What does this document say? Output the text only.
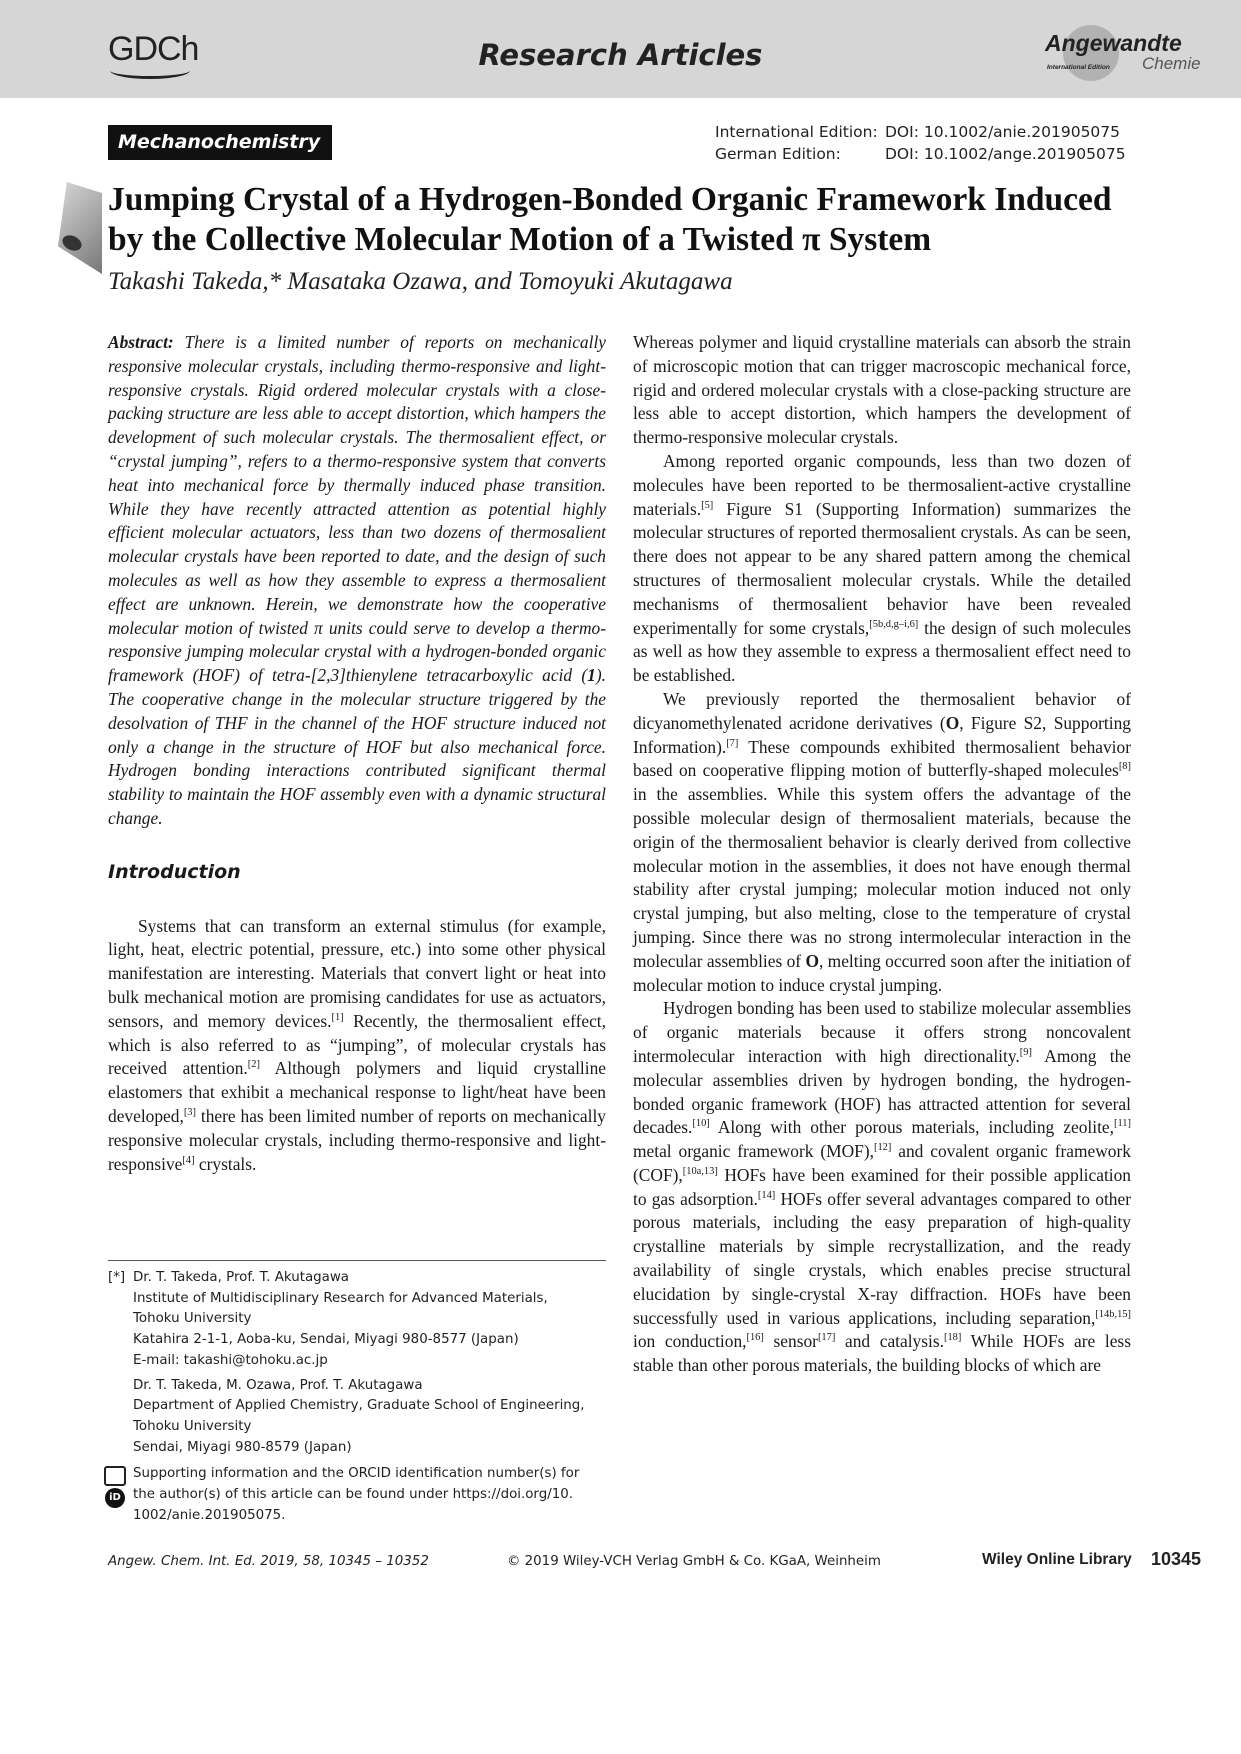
GDCh	Research Articles	Angewandte
International Edition Chemie
Mechanochemistry	International Edition: DOI: 10.1002/anie.201905075
German Edition:	DOI: 10.1002/ange.201905075
Jumping Crystal of a Hydrogen-Bonded Organic Framework Induced
by the Collective Molecular Motion of a Twisted π System
Takashi Takeda,* Masataka Ozawa, and Tomoyuki Akutagawa

Abstract: There is a limited number of reports on mechanically responsive molecular crystals, including thermo-responsive and light-responsive crystals. Rigid ordered molecular crystals with a close-packing structure are less able to accept distortion, which hampers the development of such molecular crystals. The thermosalient effect, or “crystal jumping”, refers to a thermo-responsive system that converts heat into mechanical force by thermally induced phase transition. While they have recently attracted attention as potential highly efficient molecular actuators, less than two dozens of thermosalient molecular crystals have been reported to date, and the design of such molecules as well as how they assemble to express a thermosalient effect are unknown. Herein, we demonstrate how the cooperative molecular motion of twisted π units could serve to develop a thermo-responsive jumping molecular crystal with a hydrogen-bonded organic framework (HOF) of tetra-[2,3]thienylene tetracarboxylic acid (1). The cooperative change in the molecular structure triggered by the desolvation of THF in the channel of the HOF structure induced not only a change in the structure of HOF but also mechanical force. Hydrogen bonding interactions contributed significant thermal stability to maintain the HOF assembly even with a dynamic structural change.

Introduction

Systems that can transform an external stimulus (for example, light, heat, electric potential, pressure, etc.) into some other physical manifestation are interesting. Materials that convert light or heat into bulk mechanical motion are promising candidates for use as actuators, sensors, and memory devices.[1] Recently, the thermosalient effect, which is also referred to as “jumping”, of molecular crystals has received attention.[2] Although polymers and liquid crystalline elastomers that exhibit a mechanical response to light/heat have been developed,[3] there has been limited number of reports on mechanically responsive molecular crystals, including thermo-responsive and light-responsive[4] crystals.

[*] Dr. T. Takeda, Prof. T. Akutagawa
Institute of Multidisciplinary Research for Advanced Materials,
Tohoku University
Katahira 2-1-1, Aoba-ku, Sendai, Miyagi 980-8577 (Japan)
E-mail: takashi@tohoku.ac.jp
Dr. T. Takeda, M. Ozawa, Prof. T. Akutagawa
Department of Applied Chemistry, Graduate School of Engineering,
Tohoku University
Sendai, Miyagi 980-8579 (Japan)
iD
Supporting information and the ORCID identification number(s) for
the author(s) of this article can be found under https://doi.org/10.
1002/anie.201905075.

Whereas polymer and liquid crystalline materials can absorb the strain of microscopic motion that can trigger macroscopic mechanical force, rigid and ordered molecular crystals with a close-packing structure are less able to accept distortion, which hampers the development of thermo-responsive molecular crystals.

Among reported organic compounds, less than two dozen of molecules have been reported to be thermosalient-active crystalline materials.[5] Figure S1 (Supporting Information) summarizes the molecular structures of reported thermosalient crystals. As can be seen, there does not appear to be any shared pattern among the chemical structures of thermosalient molecular crystals. While the detailed mechanisms of thermosalient behavior have been revealed experimentally for some crystals,[5b,d,g–i,6] the design of such molecules as well as how they assemble to express a thermosalient effect need to be established.

We previously reported the thermosalient behavior of dicyanomethylenated acridone derivatives (O, Figure S2, Supporting Information).[7] These compounds exhibited thermosalient behavior based on cooperative flipping motion of butterfly-shaped molecules[8] in the assemblies. While this system offers the advantage of the possible molecular design of thermosalient materials, because the origin of the thermosalient behavior is clearly derived from collective molecular motion in the assemblies, it does not have enough thermal stability after crystal jumping; molecular motion induced not only crystal jumping, but also melting, close to the temperature of crystal jumping. Since there was no strong intermolecular interaction in the molecular assemblies of O, melting occurred soon after the initiation of molecular motion to induce crystal jumping.

Hydrogen bonding has been used to stabilize molecular assemblies of organic materials because it offers strong noncovalent intermolecular interaction with high directionality.[9] Among the molecular assemblies driven by hydrogen bonding, the hydrogen-bonded organic framework (HOF) has attracted attention for several decades.[10] Along with other porous materials, including zeolite,[11] metal organic framework (MOF),[12] and covalent organic framework (COF),[10a,13] HOFs have been examined for their possible application to gas adsorption.[14] HOFs offer several advantages compared to other porous materials, including the easy preparation of high-quality crystalline materials by simple recrystallization, and the ready availability of single crystals, which enables precise structural elucidation by single-crystal X-ray diffraction. HOFs have been successfully used in various applications, including separation,[14b,15] ion conduction,[16] sensor[17] and catalysis.[18] While HOFs are less stable than other porous materials, the building blocks of which are

Angew. Chem. Int. Ed. 2019, 58, 10345 – 10352	© 2019 Wiley-VCH Verlag GmbH & Co. KGaA, Weinheim	Wiley Online Library 10345
